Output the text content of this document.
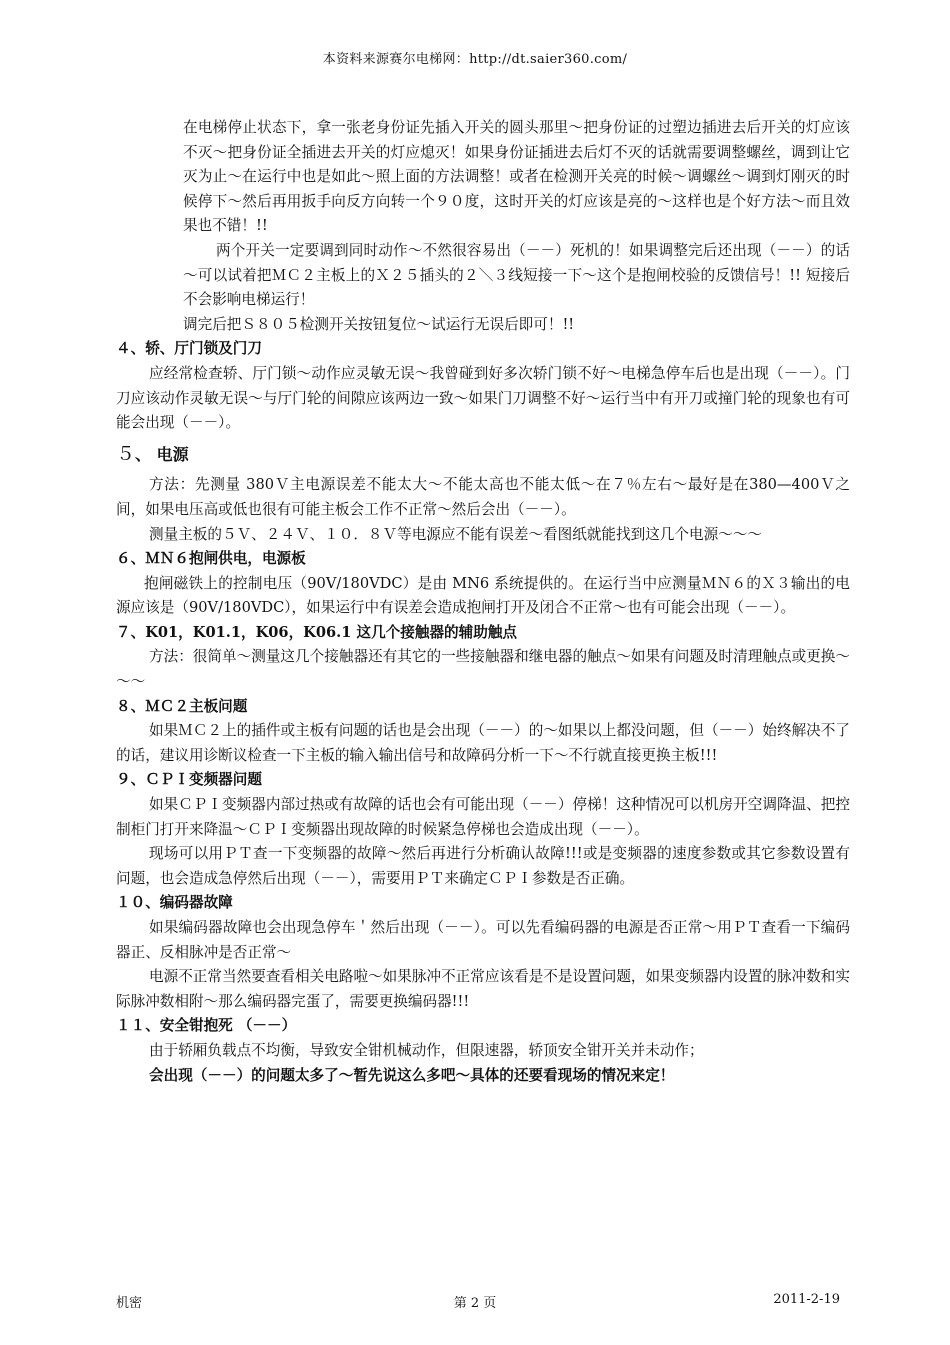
本资料来源赛尔电梯网：http://dt.saier360.com/

在电梯停止状态下，拿一张老身份证先插入开关的圆头那里～把身份证的过塑边插进去后开关的灯应该不灭～把身份证全插进去开关的灯应熄灭！如果身份证插进去后灯不灭的话就需要调整螺丝，调到让它灭为止～在运行中也是如此～照上面的方法调整！或者在检测开关亮的时候～调螺丝～调到灯刚灭的时候停下～然后再用扳手向反方向转一个９０度，这时开关的灯应该是亮的～这样也是个好方法～而且效果也不错！!!

两个开关一定要调到同时动作～不然很容易出（－－）死机的！如果调整完后还出现（－－）的话～可以试着把ＭＣ２主板上的Ｘ２５插头的２＼３线短接一下～这个是抱闸校验的反馈信号！!! 短接后不会影响电梯运行！

调完后把Ｓ８０５检测开关按钮复位～试运行无误后即可！!!

４、轿、厅门锁及门刀

应经常检查轿、厅门锁～动作应灵敏无误～我曾碰到好多次轿门锁不好～电梯急停车后也是出现（－－）。门刀应该动作灵敏无误～与厅门轮的间隙应该两边一致～如果门刀调整不好～运行当中有开刀或撞门轮的现象也有可能会出现（－－）。

５、 电源

方法：先测量 380Ｖ主电源误差不能太大～不能太高也不能太低～在７％左右～最好是在380—400Ｖ之间，如果电压高或低也很有可能主板会工作不正常～然后会出（－－）。

测量主板的５Ｖ、２４Ｖ、１０．８Ｖ等电源应不能有误差～看图纸就能找到这几个电源～～～

６、ＭＮ６抱闸供电，电源板

抱闸磁铁上的控制电压（90V/180VDC）是由 MN6 系统提供的。在运行当中应测量ＭＮ６的Ｘ３输出的电源应该是（90V/180VDC），如果运行中有误差会造成抱闸打开及闭合不正常～也有可能会出现（－－）。

７、K01，K01.1，K06，K06.1 这几个接触器的辅助触点

方法：很简单～测量这几个接触器还有其它的一些接触器和继电器的触点～如果有问题及时清理触点或更换～～～

８、ＭＣ２主板问题

如果ＭＣ２上的插件或主板有问题的话也是会出现（－－）的～如果以上都没问题，但（－－）始终解决不了的话，建议用诊断议检查一下主板的输入输出信号和故障码分析一下～不行就直接更换主板!!!

９、ＣＰＩ变频器问题

如果ＣＰＩ变频器内部过热或有故障的话也会有可能出现（－－）停梯！这种情况可以机房开空调降温、把控制柜门打开来降温～ＣＰＩ变频器出现故障的时候紧急停梯也会造成出现（－－）。

现场可以用ＰＴ查一下变频器的故障～然后再进行分析确认故障!!!或是变频器的速度参数或其它参数设置有问题，也会造成急停然后出现（－－），需要用ＰＴ来确定ＣＰＩ参数是否正确。

１０、编码器故障

如果编码器故障也会出现急停车＇然后出现（－－）。可以先看编码器的电源是否正常～用ＰＴ查看一下编码器正、反相脉冲是否正常～

电源不正常当然要查看相关电路啦～如果脉冲不正常应该看是不是设置问题，如果变频器内设置的脉冲数和实际脉冲数相附～那么编码器完蛋了，需要更换编码器!!!

１１、安全钳抱死 （－－）

由于轿厢负载点不均衡，导致安全钳机械动作，但限速器，轿顶安全钳开关并未动作；

会出现（－－）的问题太多了～暂先说这么多吧～具体的还要看现场的情况来定！

机密	第 2 页	2011-2-19
